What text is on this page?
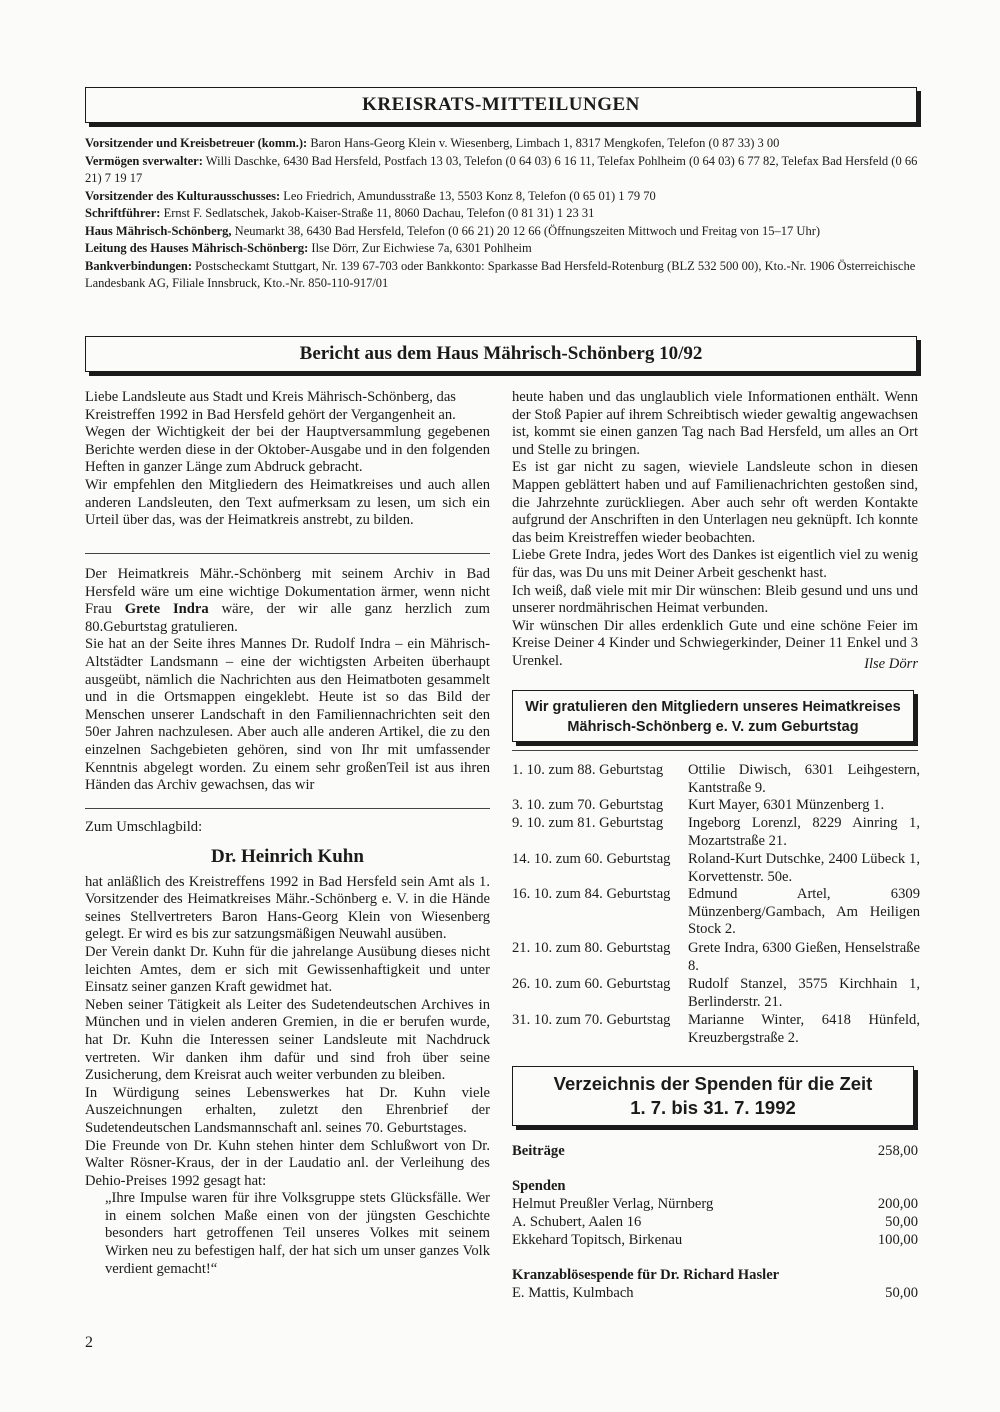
KREISRATS-MITTEILUNGEN

Vorsitzender und Kreisbetreuer (komm.): Baron Hans-Georg Klein v. Wiesenberg, Limbach 1, 8317 Mengkofen, Telefon (0 87 33) 3 00

Vermögen sverwalter: Willi Daschke, 6430 Bad Hersfeld, Postfach 13 03, Telefon (0 64 03) 6 16 11, Telefax Pohlheim (0 64 03) 6 77 82, Telefax Bad Hersfeld (0 66 21) 7 19 17

Vorsitzender des Kulturausschusses: Leo Friedrich, Amundusstraße 13, 5503 Konz 8, Telefon (0 65 01) 1 79 70

Schriftführer: Ernst F. Sedlatschek, Jakob-Kaiser-Straße 11, 8060 Dachau, Telefon (0 81 31) 1 23 31

Haus Mährisch-Schönberg, Neumarkt 38, 6430 Bad Hersfeld, Telefon (0 66 21) 20 12 66 (Öffnungszeiten Mittwoch und Freitag von 15–17 Uhr)

Leitung des Hauses Mährisch-Schönberg: Ilse Dörr, Zur Eichwiese 7a, 6301 Pohlheim

Bankverbindungen: Postscheckamt Stuttgart, Nr. 139 67-703 oder Bankkonto: Sparkasse Bad Hersfeld-Rotenburg (BLZ 532 500 00), Kto.-Nr. 1906 Österreichische Landesbank AG, Filiale Innsbruck, Kto.-Nr. 850-110-917/01

Bericht aus dem Haus Mährisch-Schönberg 10/92

Liebe Landsleute aus Stadt und Kreis Mährisch-Schönberg, das Kreistreffen 1992 in Bad Hersfeld gehört der Vergangenheit an.

Wegen der Wichtigkeit der bei der Hauptversammlung gegebenen Berichte werden diese in der Oktober-Ausgabe und in den folgenden Heften in ganzer Länge zum Abdruck gebracht.

Wir empfehlen den Mitgliedern des Heimatkreises und auch allen anderen Landsleuten, den Text aufmerksam zu lesen, um sich ein Urteil über das, was der Heimatkreis anstrebt, zu bilden.

Der Heimatkreis Mähr.-Schönberg mit seinem Archiv in Bad Hersfeld wäre um eine wichtige Dokumentation ärmer, wenn nicht Frau Grete Indra wäre, der wir alle ganz herzlich zum 80.Geburtstag gratulieren.

Sie hat an der Seite ihres Mannes Dr. Rudolf Indra – ein Mährisch-Altstädter Landsmann – eine der wichtigsten Arbeiten überhaupt ausgeübt, nämlich die Nachrichten aus den Heimatboten gesammelt und in die Ortsmappen eingeklebt. Heute ist so das Bild der Menschen unserer Landschaft in den Familiennachrichten seit den 50er Jahren nachzulesen. Aber auch alle anderen Artikel, die zu den einzelnen Sachgebieten gehören, sind von Ihr mit umfassender Kenntnis abgelegt worden. Zu einem sehr großenTeil ist aus ihren Händen das Archiv gewachsen, das wir

Zum Umschlagbild:

Dr. Heinrich Kuhn

hat anläßlich des Kreistreffens 1992 in Bad Hersfeld sein Amt als 1. Vorsitzender des Heimatkreises Mähr.-Schönberg e. V. in die Hände seines Stellvertreters Baron Hans-Georg Klein von Wiesenberg gelegt. Er wird es bis zur satzungsmäßigen Neuwahl ausüben.

Der Verein dankt Dr. Kuhn für die jahrelange Ausübung dieses nicht leichten Amtes, dem er sich mit Gewissenhaftigkeit und unter Einsatz seiner ganzen Kraft gewidmet hat.

Neben seiner Tätigkeit als Leiter des Sudetendeutschen Archives in München und in vielen anderen Gremien, in die er berufen wurde, hat Dr. Kuhn die Interessen seiner Landsleute mit Nachdruck vertreten. Wir danken ihm dafür und sind froh über seine Zusicherung, dem Kreisrat auch weiter verbunden zu bleiben.

In Würdigung seines Lebenswerkes hat Dr. Kuhn viele Auszeichnungen erhalten, zuletzt den Ehrenbrief der Sudetendeutschen Landsmannschaft anl. seines 70. Geburtstages.

Die Freunde von Dr. Kuhn stehen hinter dem Schlußwort von Dr. Walter Rösner-Kraus, der in der Laudatio anl. der Verleihung des Dehio-Preises 1992 gesagt hat:

„Ihre Impulse waren für ihre Volksgruppe stets Glücksfälle. Wer in einem solchen Maße einen von der jüngsten Geschichte besonders hart getroffenen Teil unseres Volkes mit seinem Wirken neu zu befestigen half, der hat sich um unser ganzes Volk verdient gemacht!“

heute haben und das unglaublich viele Informationen enthält. Wenn der Stoß Papier auf ihrem Schreibtisch wieder gewaltig angewachsen ist, kommt sie einen ganzen Tag nach Bad Hersfeld, um alles an Ort und Stelle zu bringen.

Es ist gar nicht zu sagen, wieviele Landsleute schon in diesen Mappen geblättert haben und auf Familienachrichten gestoßen sind, die Jahrzehnte zurückliegen. Aber auch sehr oft werden Kontakte aufgrund der Anschriften in den Unterlagen neu geknüpft. Ich konnte das beim Kreistreffen wieder beobachten.

Liebe Grete Indra, jedes Wort des Dankes ist eigentlich viel zu wenig für das, was Du uns mit Deiner Arbeit geschenkt hast.

Ich weiß, daß viele mit mir Dir wünschen: Bleib gesund und uns und unserer nordmährischen Heimat verbunden.

Wir wünschen Dir alles erdenklich Gute und eine schöne Feier im Kreise Deiner 4 Kinder und Schwiegerkinder, Deiner 11 Enkel und 3 Urenkel.	Ilse Dörr
Wir gratulieren den Mitgliedern unseres Heimatkreises
Mährisch-Schönberg e. V. zum Geburtstag
1. 10. zum 88. Geburtstag Ottilie Diwisch, 6301 Leihgestern, Kantstraße 9.
3. 10. zum 70. Geburtstag Kurt Mayer, 6301 Münzenberg 1.
9. 10. zum 81. Geburtstag Ingeborg Lorenzl, 8229 Ainring 1, Mozartstraße 21.
14. 10. zum 60. Geburtstag Roland-Kurt Dutschke, 2400 Lübeck 1, Korvettenstr. 50e.
16. 10. zum 84. Geburtstag Edmund Artel, 6309 Münzenberg/Gambach, Am Heiligen Stock 2.
21. 10. zum 80. Geburtstag Grete Indra, 6300 Gießen, Henselstraße 8.
26. 10. zum 60. Geburtstag Rudolf Stanzel, 3575 Kirchhain 1, Berlinderstr. 21.
31. 10. zum 70. Geburtstag Marianne Winter, 6418 Hünfeld, Kreuzbergstraße 2.
Verzeichnis der Spenden für die Zeit
1. 7. bis 31. 7. 1992
Beiträge	258,00
Spenden
Helmut Preußler Verlag, Nürnberg	200,00
A. Schubert, Aalen 16	50,00
Ekkehard Topitsch, Birkenau	100,00
Kranzablösespende für Dr. Richard Hasler
E. Mattis, Kulmbach	50,00
2
